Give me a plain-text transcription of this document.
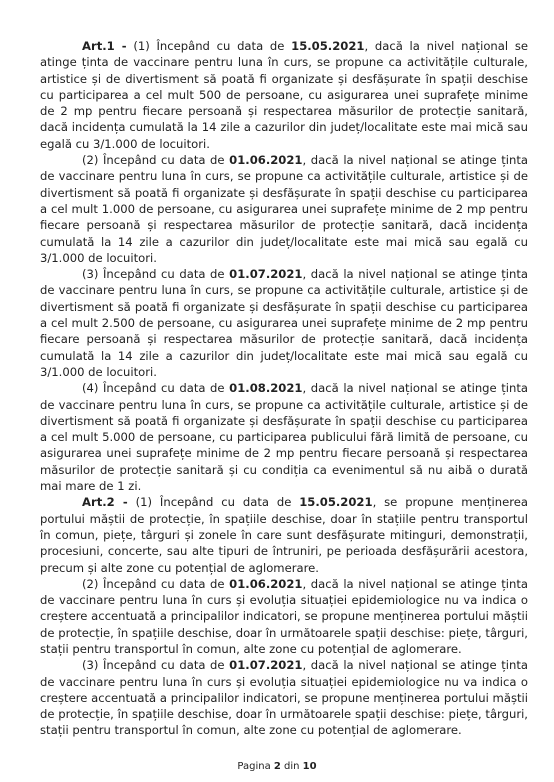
Art.1 - (1) Începând cu data de 15.05.2021, dacă la nivel național se atinge ținta de vaccinare pentru luna în curs, se propune ca activitățile culturale, artistice și de divertisment să poată fi organizate și desfășurate în spații deschise cu participarea a cel mult 500 de persoane, cu asigurarea unei suprafețe minime de 2 mp pentru fiecare persoană și respectarea măsurilor de protecție sanitară, dacă incidența cumulată la 14 zile a cazurilor din județ/localitate este mai mică sau egală cu 3/1.000 de locuitori.

(2) Începând cu data de 01.06.2021, dacă la nivel național se atinge ținta de vaccinare pentru luna în curs, se propune ca activitățile culturale, artistice și de divertisment să poată fi organizate și desfășurate în spații deschise cu participarea a cel mult 1.000 de persoane, cu asigurarea unei suprafețe minime de 2 mp pentru fiecare persoană și respectarea măsurilor de protecție sanitară, dacă incidența cumulată la 14 zile a cazurilor din județ/localitate este mai mică sau egală cu 3/1.000 de locuitori.

(3) Începând cu data de 01.07.2021, dacă la nivel național se atinge ținta de vaccinare pentru luna în curs, se propune ca activitățile culturale, artistice și de divertisment să poată fi organizate și desfășurate în spații deschise cu participarea a cel mult 2.500 de persoane, cu asigurarea unei suprafețe minime de 2 mp pentru fiecare persoană și respectarea măsurilor de protecție sanitară, dacă incidența cumulată la 14 zile a cazurilor din județ/localitate este mai mică sau egală cu 3/1.000 de locuitori.

(4) Începând cu data de 01.08.2021, dacă la nivel național se atinge ținta de vaccinare pentru luna în curs, se propune ca activitățile culturale, artistice și de divertisment să poată fi organizate și desfășurate în spații deschise cu participarea a cel mult 5.000 de persoane, cu participarea publicului fără limită de persoane, cu asigurarea unei suprafețe minime de 2 mp pentru fiecare persoană și respectarea măsurilor de protecție sanitară și cu condiția ca evenimentul să nu aibă o durată mai mare de 1 zi.

Art.2 - (1) Începând cu data de 15.05.2021, se propune menținerea portului măștii de protecție, în spațiile deschise, doar în stațiile pentru transportul în comun, piețe, târguri și zonele în care sunt desfășurate mitinguri, demonstrații, procesiuni, concerte, sau alte tipuri de întruniri, pe perioada desfășurării acestora, precum și alte zone cu potențial de aglomerare.

(2) Începând cu data de 01.06.2021, dacă la nivel național se atinge ținta de vaccinare pentru luna în curs și evoluția situației epidemiologice nu va indica o creștere accentuată a principalilor indicatori, se propune menținerea portului măștii de protecție, în spațiile deschise, doar în următoarele spații deschise: piețe, târguri, stații pentru transportul în comun, alte zone cu potențial de aglomerare.

(3) Începând cu data de 01.07.2021, dacă la nivel național se atinge ținta de vaccinare pentru luna în curs și evoluția situației epidemiologice nu va indica o creștere accentuată a principalilor indicatori, se propune menținerea portului măștii de protecție, în spațiile deschise, doar în următoarele spații deschise: piețe, târguri, stații pentru transportul în comun, alte zone cu potențial de aglomerare.

Pagina 2 din 10
